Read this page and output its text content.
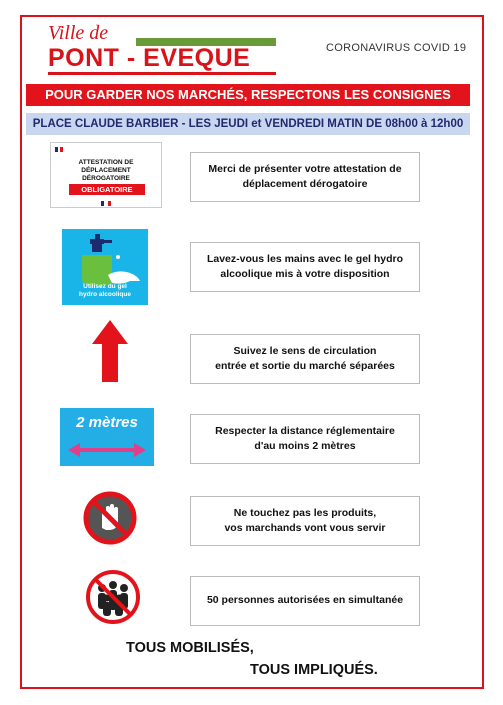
Ville de
PONT - EVEQUE	CORONAVIRUS COVID 19
POUR GARDER NOS MARCHÉS, RESPECTONS LES CONSIGNES
PLACE CLAUDE BARBIER - LES JEUDI et VENDREDI MATIN DE 08h00 à 12h00
ATTESTATION DE
DÉPLACEMENT
DÉROGATOIRE
OBLIGATOIRE
Merci de présenter votre attestation de
déplacement dérogatoire
Utilisez du gel
hydro alcoolique
Lavez-vous les mains avec le gel hydro
alcoolique mis à votre disposition
Suivez le sens de circulation
entrée et sortie du marché séparées
2 mètres	Respecter la distance réglementaire
d'au moins 2 mètres
Ne touchez pas les produits,
vos marchands vont vous servir
50 personnes autorisées en simultanée
TOUS MOBILISÉS,
TOUS IMPLIQUÉS.
